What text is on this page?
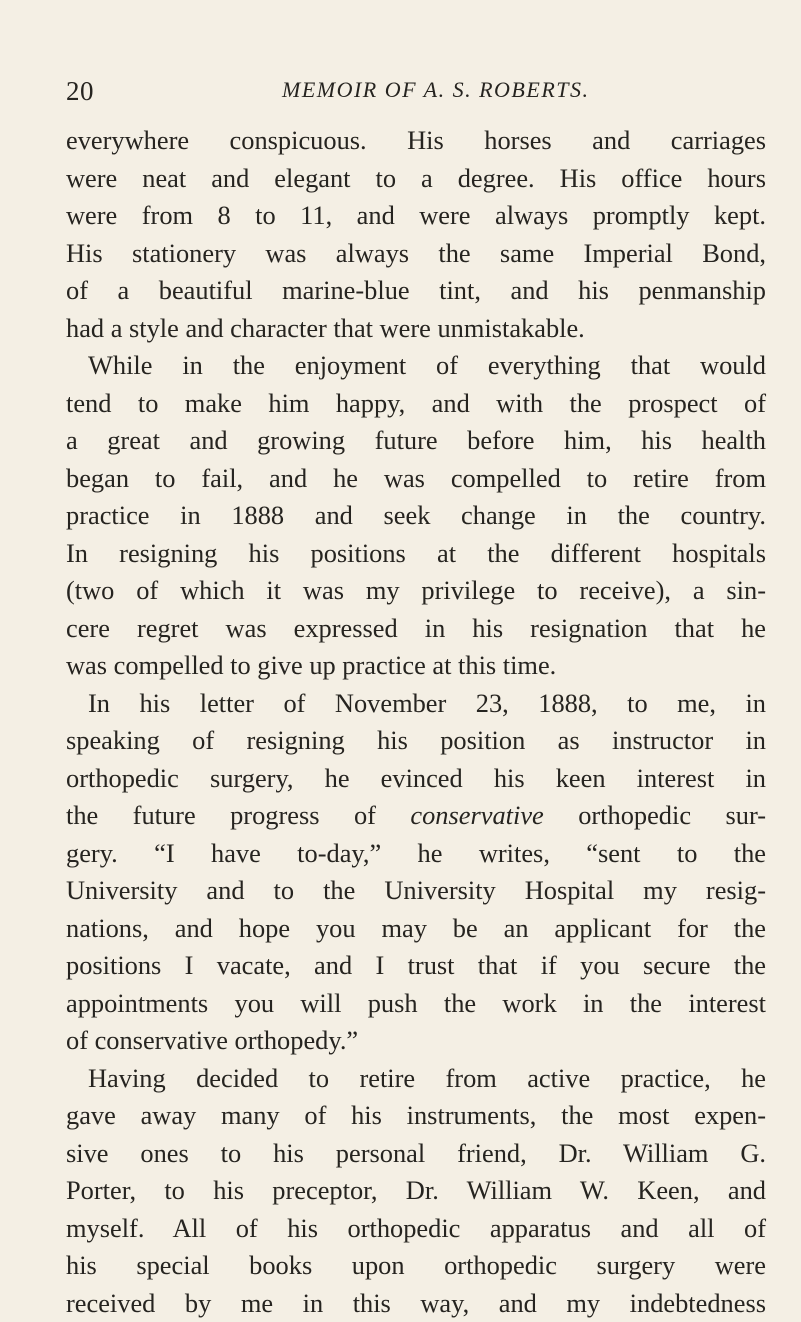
20	MEMOIR OF A. S. ROBERTS.
everywhere conspicuous. His horses and carriages
were neat and elegant to a degree. His office hours
were from 8 to 11, and were always promptly kept.
His stationery was always the same Imperial Bond,
of a beautiful marine-blue tint, and his penmanship
had a style and character that were unmistakable.
While in the enjoyment of everything that would
tend to make him happy, and with the prospect of
a great and growing future before him, his health
began to fail, and he was compelled to retire from
practice in 1888 and seek change in the country.
In resigning his positions at the different hospitals
(two of which it was my privilege to receive), a sin-
cere regret was expressed in his resignation that he
was compelled to give up practice at this time.
In his letter of November 23, 1888, to me, in
speaking of resigning his position as instructor in
orthopedic surgery, he evinced his keen interest in
the future progress of conservative orthopedic sur-
gery. “I have to-day,” he writes, “sent to the
University and to the University Hospital my resig-
nations, and hope you may be an applicant for the
positions I vacate, and I trust that if you secure the
appointments you will push the work in the interest
of conservative orthopedy.”
Having decided to retire from active practice, he
gave away many of his instruments, the most expen-
sive ones to his personal friend, Dr. William G.
Porter, to his preceptor, Dr. William W. Keen, and
myself. All of his orthopedic apparatus and all of
his special books upon orthopedic surgery were
received by me in this way, and my indebtedness
